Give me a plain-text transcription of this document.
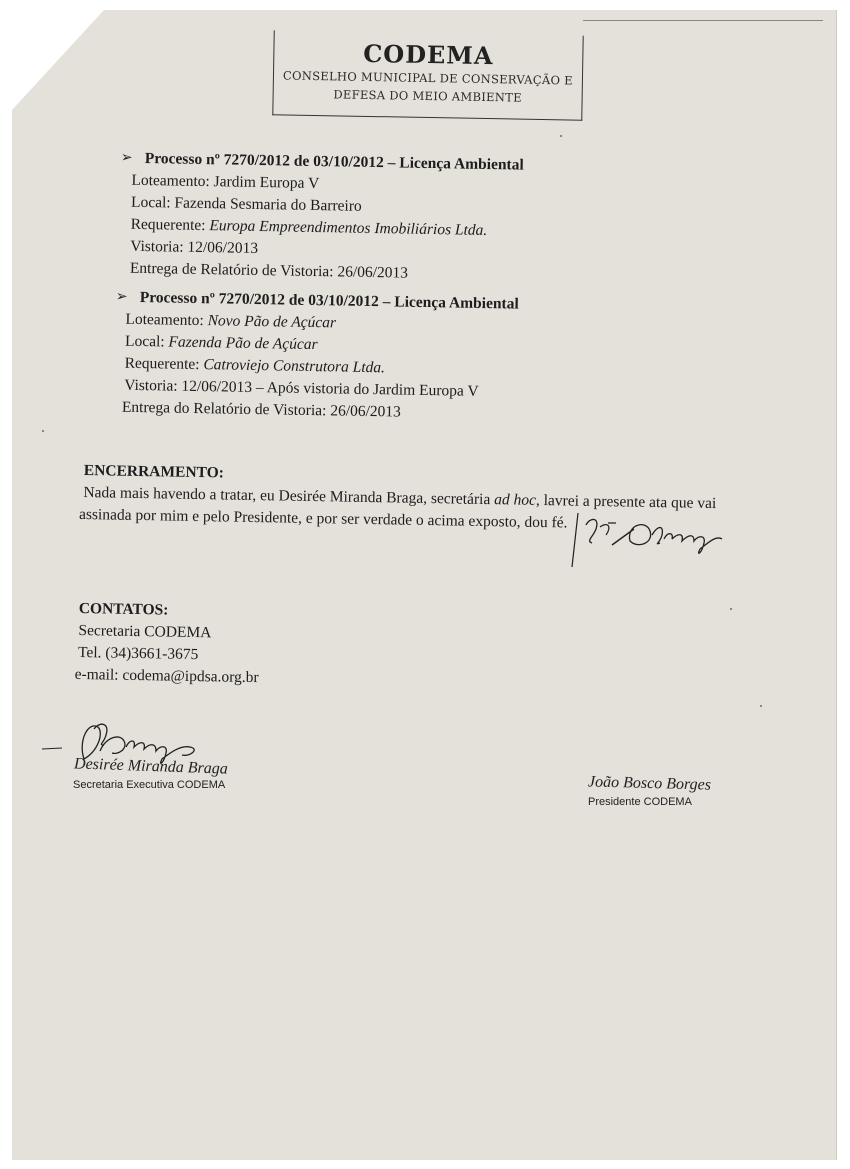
CODEMA
CONSELHO MUNICIPAL DE CONSERVAÇÃO E
DEFESA DO MEIO AMBIENTE
➢ Processo nº 7270/2012 de 03/10/2012 – Licença Ambiental
Loteamento: Jardim Europa V
Local: Fazenda Sesmaria do Barreiro
Requerente: Europa Empreendimentos Imobiliários Ltda.
Vistoria: 12/06/2013
Entrega de Relatório de Vistoria: 26/06/2013
➢ Processo nº 7270/2012 de 03/10/2012 – Licença Ambiental
Loteamento: Novo Pão de Açúcar
Local: Fazenda Pão de Açúcar
Requerente: Catroviejo Construtora Ltda.
Vistoria: 12/06/2013 – Após vistoria do Jardim Europa V
Entrega do Relatório de Vistoria: 26/06/2013
ENCERRAMENTO:
Nada mais havendo a tratar, eu Desirée Miranda Braga, secretária ad hoc, lavrei a presente ata que vai
assinada por mim e pelo Presidente, e por ser verdade o acima exposto, dou fé.
CONTATOS:
Secretaria CODEMA
Tel. (34)3661-3675
e-mail: codema@ipdsa.org.br
Desirée Miranda Braga
Secretaria Executiva CODEMA	João Bosco Borges
Presidente CODEMA
